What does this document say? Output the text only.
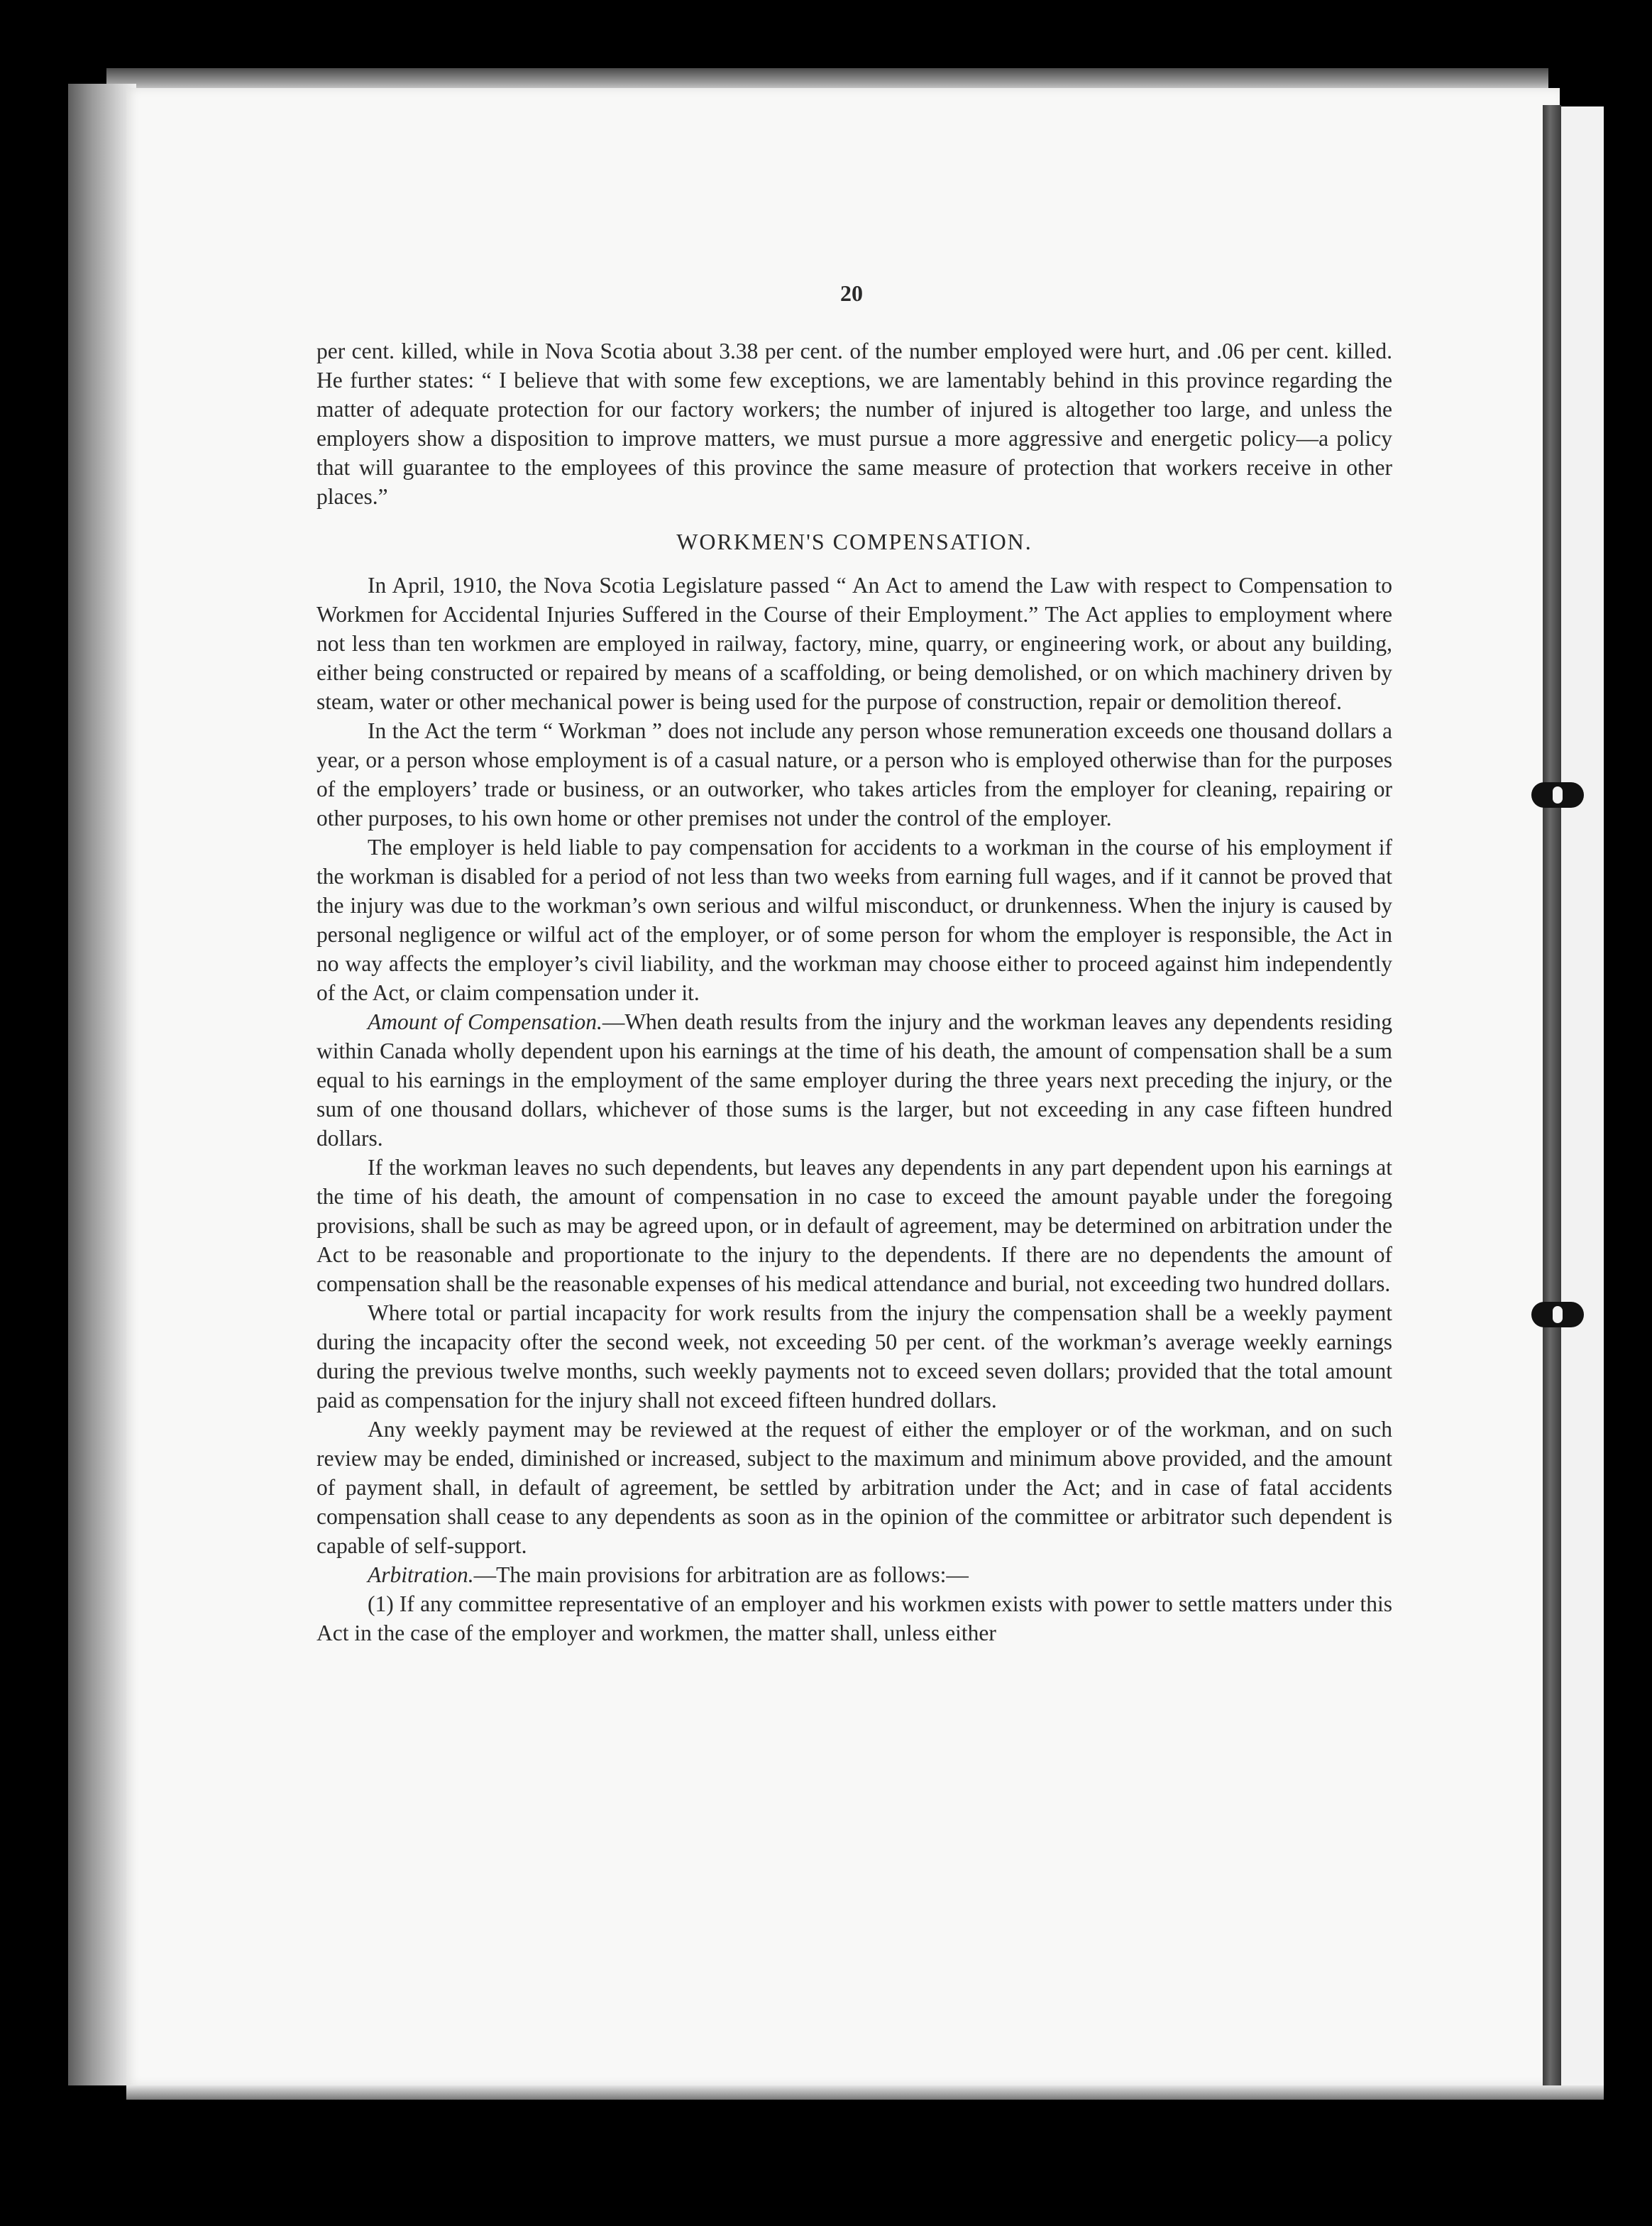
20

per cent. killed, while in Nova Scotia about 3.38 per cent. of the number employed were hurt, and .06 per cent. killed. He further states: “ I believe that with some few exceptions, we are lamentably behind in this province regarding the matter of adequate protection for our factory workers; the number of injured is altogether too large, and unless the employers show a disposition to improve matters, we must pursue a more aggressive and energetic policy—a policy that will guarantee to the employees of this province the same measure of protection that workers receive in other places.”

WORKMEN'S COMPENSATION.

In April, 1910, the Nova Scotia Legislature passed “ An Act to amend the Law with respect to Compensation to Workmen for Accidental Injuries Suffered in the Course of their Employment.” The Act applies to employment where not less than ten workmen are employed in railway, factory, mine, quarry, or engineering work, or about any building, either being constructed or repaired by means of a scaffolding, or being demolished, or on which machinery driven by steam, water or other mechanical power is being used for the purpose of construction, repair or demolition thereof.

In the Act the term “ Workman ” does not include any person whose remuneration exceeds one thousand dollars a year, or a person whose employment is of a casual nature, or a person who is employed otherwise than for the purposes of the employers’ trade or business, or an outworker, who takes articles from the employer for cleaning, repairing or other purposes, to his own home or other premises not under the control of the employer.

The employer is held liable to pay compensation for accidents to a workman in the course of his employment if the workman is disabled for a period of not less than two weeks from earning full wages, and if it cannot be proved that the injury was due to the workman’s own serious and wilful misconduct, or drunkenness. When the injury is caused by personal negligence or wilful act of the employer, or of some person for whom the employer is responsible, the Act in no way affects the employer’s civil liability, and the workman may choose either to proceed against him independently of the Act, or claim compensation under it.

Amount of Compensation.—When death results from the injury and the workman leaves any dependents residing within Canada wholly dependent upon his earnings at the time of his death, the amount of compensation shall be a sum equal to his earnings in the employment of the same employer during the three years next preceding the injury, or the sum of one thousand dollars, whichever of those sums is the larger, but not exceeding in any case fifteen hundred dollars.

If the workman leaves no such dependents, but leaves any dependents in any part dependent upon his earnings at the time of his death, the amount of compensation in no case to exceed the amount payable under the foregoing provisions, shall be such as may be agreed upon, or in default of agreement, may be determined on arbitration under the Act to be reasonable and proportionate to the injury to the dependents. If there are no dependents the amount of compensation shall be the reasonable expenses of his medical attendance and burial, not exceeding two hundred dollars.

Where total or partial incapacity for work results from the injury the compensation shall be a weekly payment during the incapacity ofter the second week, not exceeding 50 per cent. of the workman’s average weekly earnings during the previous twelve months, such weekly payments not to exceed seven dollars; provided that the total amount paid as compensation for the injury shall not exceed fifteen hundred dollars.

Any weekly payment may be reviewed at the request of either the employer or of the workman, and on such review may be ended, diminished or increased, subject to the maximum and minimum above provided, and the amount of payment shall, in default of agreement, be settled by arbitration under the Act; and in case of fatal accidents compensation shall cease to any dependents as soon as in the opinion of the committee or arbitrator such dependent is capable of self-support.

Arbitration.—The main provisions for arbitration are as follows:—

(1) If any committee representative of an employer and his workmen exists with power to settle matters under this Act in the case of the employer and workmen, the matter shall, unless either
